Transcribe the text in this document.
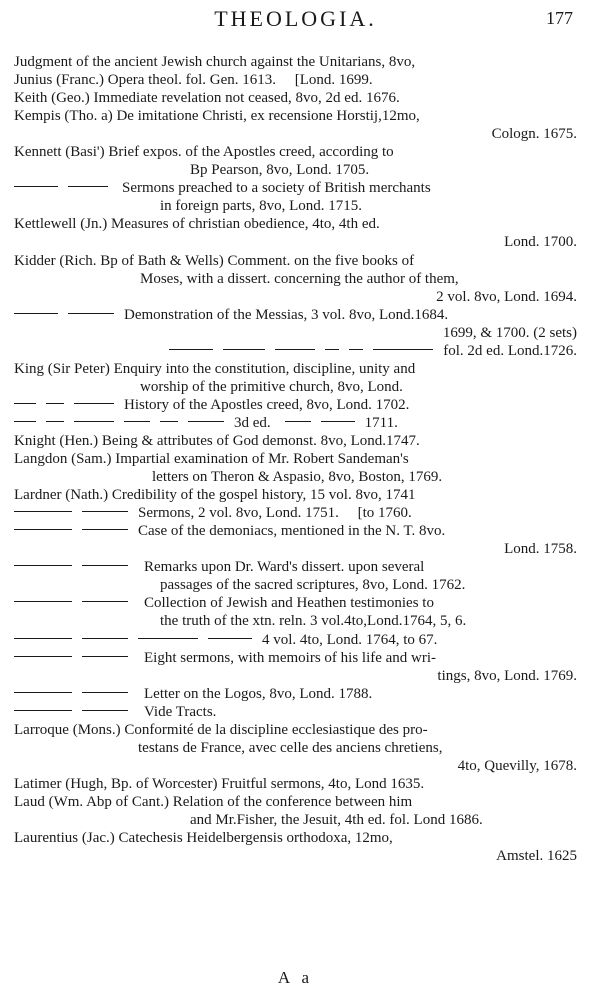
THEOLOGIA.	177
Judgment of the ancient Jewish church against the Unitarians, 8vo,
Junius (Franc.) Opera theol. fol. Gen. 1613.     [Lond. 1699.
Keith (Geo.) Immediate revelation not ceased, 8vo, 2d ed. 1676.
Kempis (Tho. a) De imitatione Christi, ex recensione Horstij,12mo,
Cologn. 1675.
Kennett (Basi') Brief expos. of the Apostles creed, according to
Bp Pearson, 8vo, Lond. 1705.
Sermons preached to a society of British merchants
in foreign parts, 8vo, Lond. 1715.
Kettlewell (Jn.) Measures of christian obedience, 4to, 4th ed.
Lond. 1700.
Kidder (Rich. Bp of Bath & Wells) Comment. on the five books of
Moses, with a dissert. concerning the author of them,
2 vol. 8vo, Lond. 1694.
Demonstration of the Messias, 3 vol. 8vo, Lond.1684.
1699, & 1700. (2 sets)
fol. 2d ed. Lond.1726.
King (Sir Peter) Enquiry into the constitution, discipline, unity and
worship of the primitive church, 8vo, Lond.
History of the Apostles creed, 8vo, Lond. 1702.
3d ed.	1711.
Knight (Hen.) Being & attributes of God demonst. 8vo, Lond.1747.
Langdon (Sam.) Impartial examination of Mr. Robert Sandeman's
letters on Theron & Aspasio, 8vo, Boston, 1769.
Lardner (Nath.) Credibility of the gospel history, 15 vol. 8vo, 1741
Sermons, 2 vol. 8vo, Lond. 1751.     [to 1760.
Case of the demoniacs, mentioned in the N. T. 8vo.
Lond. 1758.
Remarks upon Dr. Ward's dissert. upon several
passages of the sacred scriptures, 8vo, Lond. 1762.
Collection of Jewish and Heathen testimonies to
the truth of the xtn. reln. 3 vol.4to,Lond.1764, 5, 6.
4 vol. 4to, Lond. 1764, to 67.
Eight sermons, with memoirs of his life and wri-
tings, 8vo, Lond. 1769.
Letter on the Logos, 8vo, Lond. 1788.
Vide Tracts.
Larroque (Mons.) Conformité de la discipline ecclesiastique des pro-
testans de France, avec celle des anciens chretiens,
4to, Quevilly, 1678.
Latimer (Hugh, Bp. of Worcester) Fruitful sermons, 4to, Lond 1635.
Laud (Wm. Abp of Cant.) Relation of the conference between him
and Mr.Fisher, the Jesuit, 4th ed. fol. Lond 1686.
Laurentius (Jac.) Catechesis Heidelbergensis orthodoxa, 12mo,
Amstel. 1625
A a
